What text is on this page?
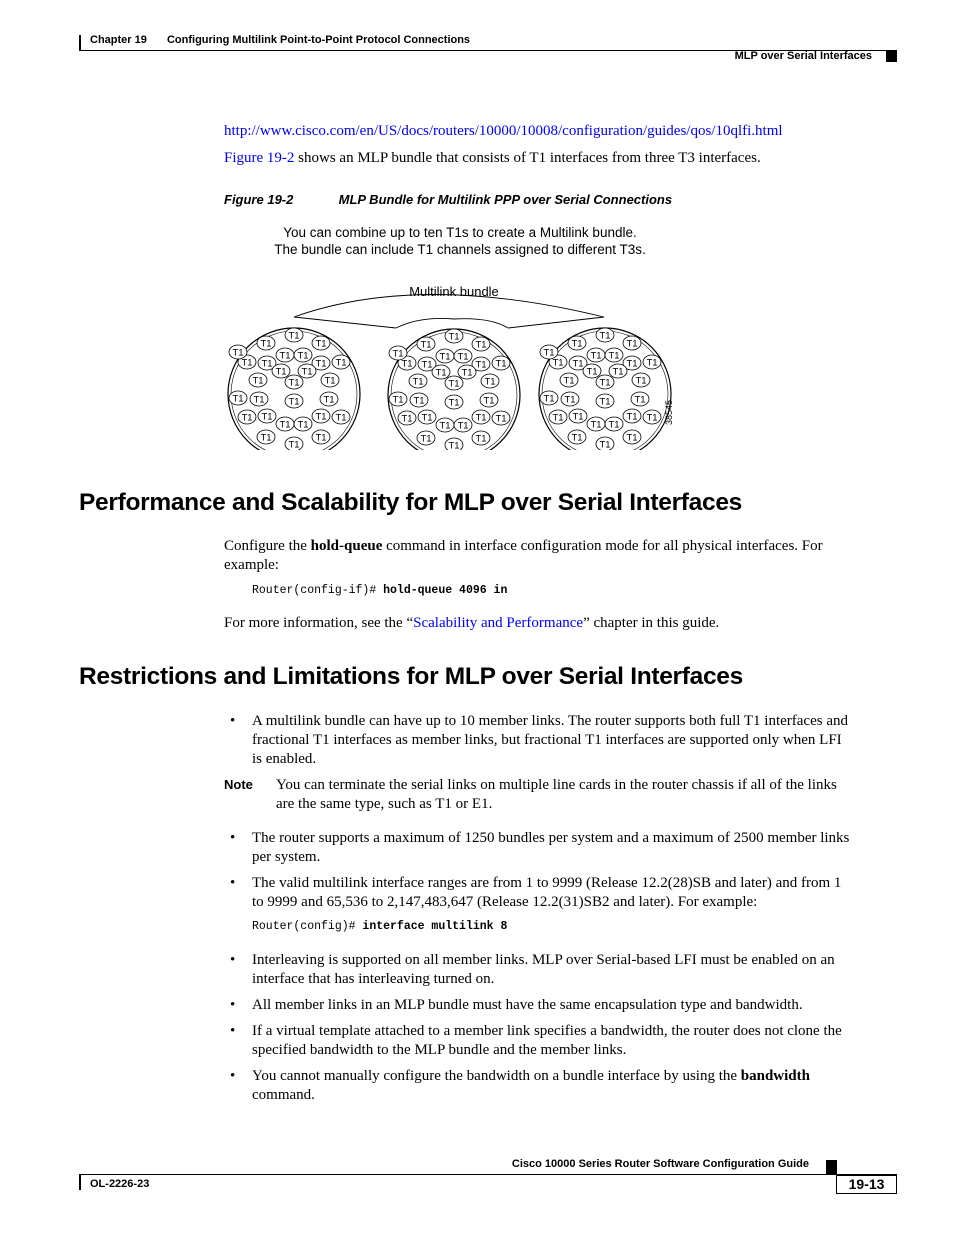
Chapter 19 Configuring Multilink Point-to-Point Protocol Connections
MLP over Serial Interfaces
http://www.cisco.com/en/US/docs/routers/10000/10008/configuration/guides/qos/10qlfi.html
Figure 19-2 shows an MLP bundle that consists of T1 interfaces from three T3 interfaces.
Figure 19-2	MLP Bundle for Multilink PPP over Serial Connections
You can combine up to ten T1s to create a Multilink bundle.
The bundle can include T1 channels assigned to different T3s.
Multilink bundle
T1
T1
T1
T1 T1
T1 T1	T1 T1
T1	T1	T1
T1
T1 T1
T1	T1	T1
T1
T1 T1	T1 T1
T1 T1
T1
T1
T1
T1
T1
T1
T1 T1
T1 T1	T1 T1
T1	T1	T1
T1
T1 T1
T1	T1	T1
T1
T1 T1	T1 T1
T1 T1
T1
T1
T1
T1
T1
T1
T1 T1
T1 T1	T1 T1
T1	T1	T1
T1
T1 T1
T1	T1	T1
T1
T1 T1	T1 T1
T1 T1
T1
T1
T1
38545
Performance and Scalability for MLP over Serial Interfaces
Configure the hold-queue command in interface configuration mode for all physical interfaces. For
example:
Router(config-if)# hold-queue 4096 in
For more information, see the “Scalability and Performance” chapter in this guide.
Restrictions and Limitations for MLP over Serial Interfaces
• A multilink bundle can have up to 10 member links. The router supports both full T1 interfaces and
fractional T1 interfaces as member links, but fractional T1 interfaces are supported only when LFI
is enabled.
Note You can terminate the serial links on multiple line cards in the router chassis if all of the links
are the same type, such as T1 or E1.
• The router supports a maximum of 1250 bundles per system and a maximum of 2500 member links
per system.
• The valid multilink interface ranges are from 1 to 9999 (Release 12.2(28)SB and later) and from 1
to 9999 and 65,536 to 2,147,483,647 (Release 12.2(31)SB2 and later). For example:
Router(config)# interface multilink 8
• Interleaving is supported on all member links. MLP over Serial-based LFI must be enabled on an
interface that has interleaving turned on.
• All member links in an MLP bundle must have the same encapsulation type and bandwidth.
• If a virtual template attached to a member link specifies a bandwidth, the router does not clone the
specified bandwidth to the MLP bundle and the member links.
• You cannot manually configure the bandwidth on a bundle interface by using the bandwidth
command.
Cisco 10000 Series Router Software Configuration Guide
OL-2226-23	19-13
